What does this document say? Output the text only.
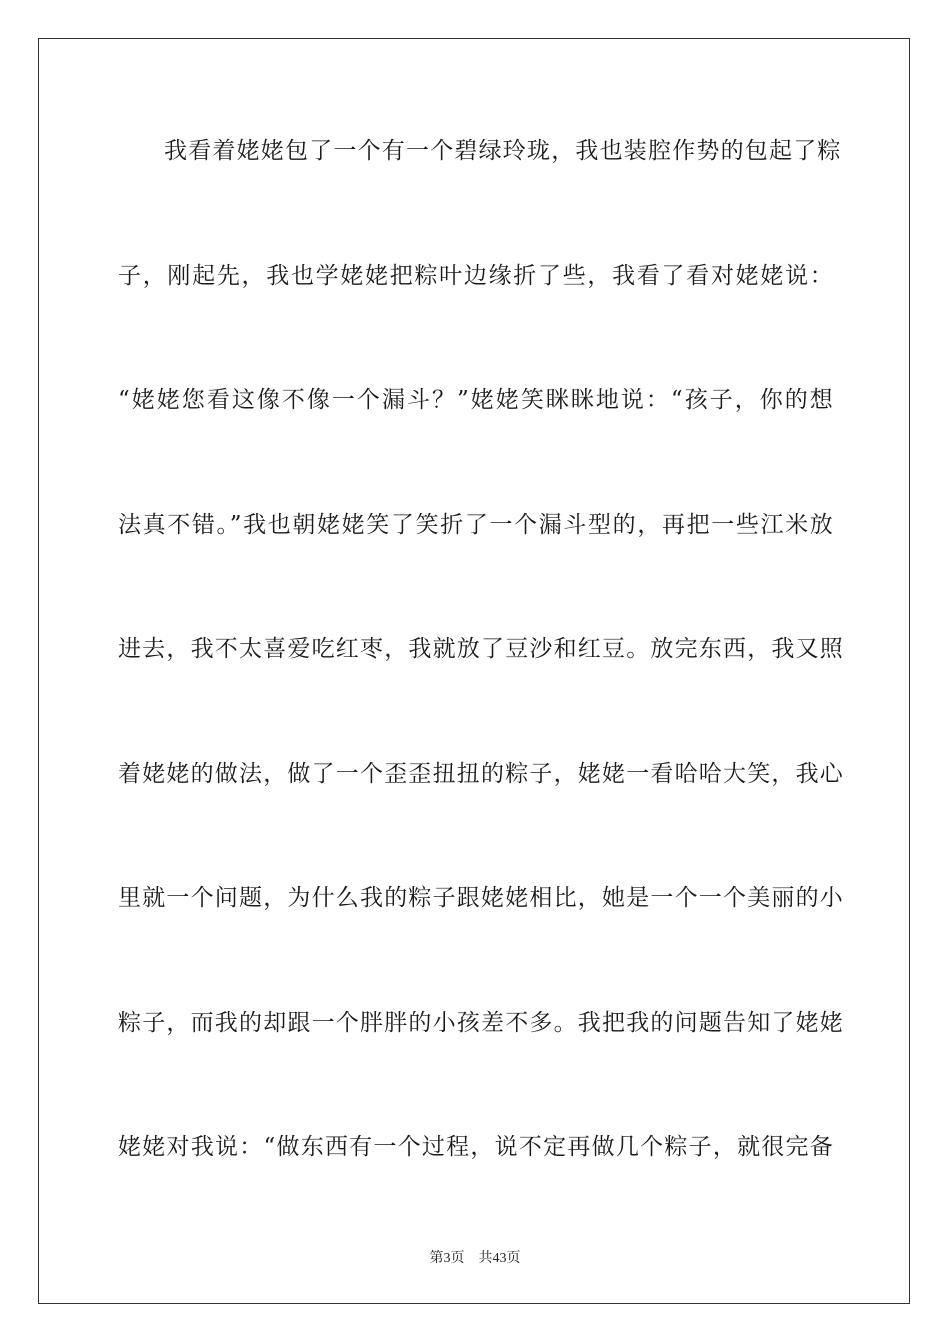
我看着姥姥包了一个有一个碧绿玲珑，我也装腔作势的包起了粽
子，刚起先，我也学姥姥把粽叶边缘折了些，我看了看对姥姥说：
“姥姥您看这像不像一个漏斗？”姥姥笑眯眯地说：“孩子，你的想
法真不错。”我也朝姥姥笑了笑折了一个漏斗型的，再把一些江米放
进去，我不太喜爱吃红枣，我就放了豆沙和红豆。放完东西，我又照
着姥姥的做法，做了一个歪歪扭扭的粽子，姥姥一看哈哈大笑，我心
里就一个问题，为什么我的粽子跟姥姥相比，她是一个一个美丽的小
粽子，而我的却跟一个胖胖的小孩差不多。我把我的问题告知了姥姥
姥姥对我说：“做东西有一个过程，说不定再做几个粽子，就很完备
第3页 共43页
